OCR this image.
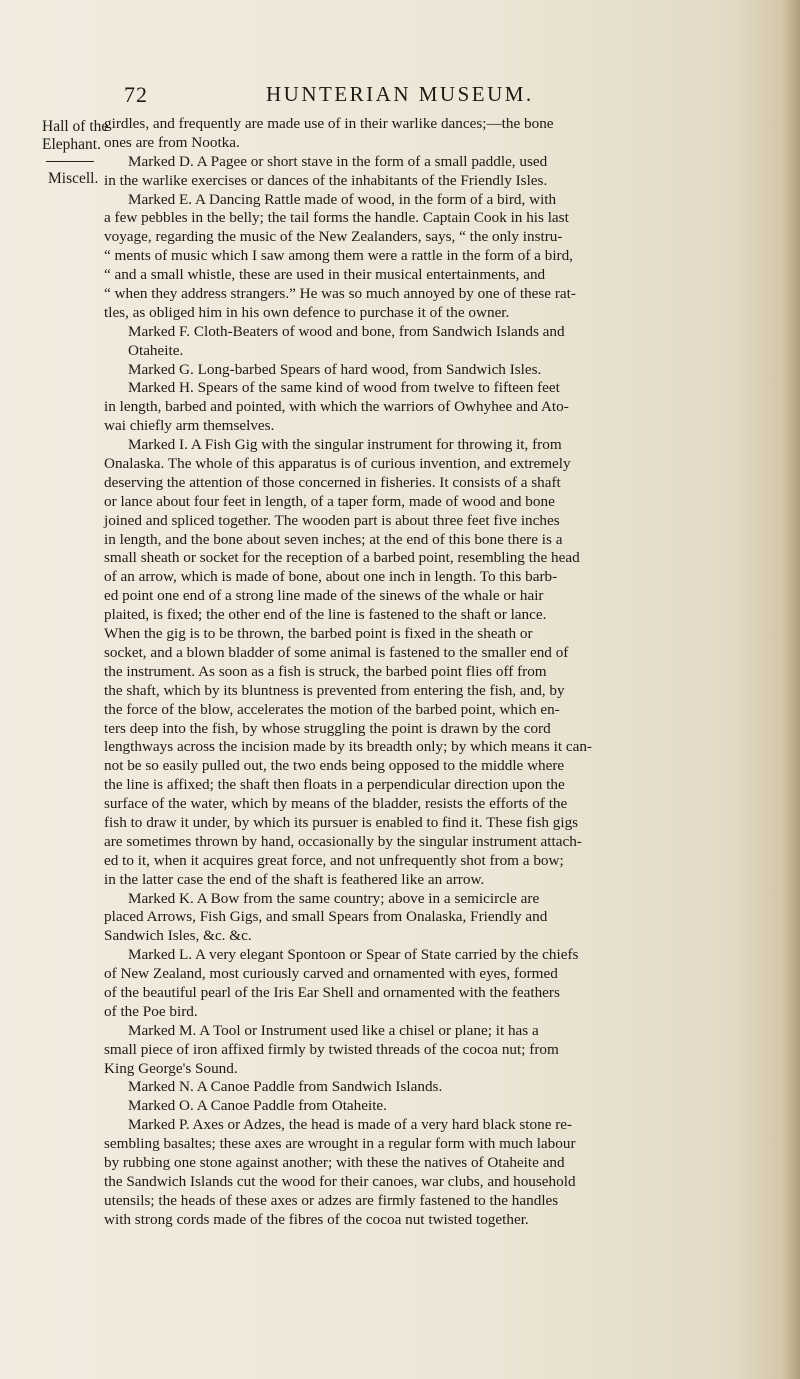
72	HUNTERIAN MUSEUM.
Hall of the
Elephant.
Miscell.
girdles, and frequently are made use of in their warlike dances;—the bone
ones are from Nootka.
Marked D. A Pagee or short stave in the form of a small paddle, used
in the warlike exercises or dances of the inhabitants of the Friendly Isles.
Marked E. A Dancing Rattle made of wood, in the form of a bird, with
a few pebbles in the belly; the tail forms the handle. Captain Cook in his last
voyage, regarding the music of the New Zealanders, says, “ the only instru-
“ ments of music which I saw among them were a rattle in the form of a bird,
“ and a small whistle, these are used in their musical entertainments, and
“ when they address strangers.” He was so much annoyed by one of these rat-
tles, as obliged him in his own defence to purchase it of the owner.
Marked F. Cloth-Beaters of wood and bone, from Sandwich Islands and
Otaheite.
Marked G. Long-barbed Spears of hard wood, from Sandwich Isles.
Marked H. Spears of the same kind of wood from twelve to fifteen feet
in length, barbed and pointed, with which the warriors of Owhyhee and Ato-
wai chiefly arm themselves.
Marked I. A Fish Gig with the singular instrument for throwing it, from
Onalaska. The whole of this apparatus is of curious invention, and extremely
deserving the attention of those concerned in fisheries. It consists of a shaft
or lance about four feet in length, of a taper form, made of wood and bone
joined and spliced together. The wooden part is about three feet five inches
in length, and the bone about seven inches; at the end of this bone there is a
small sheath or socket for the reception of a barbed point, resembling the head
of an arrow, which is made of bone, about one inch in length. To this barb-
ed point one end of a strong line made of the sinews of the whale or hair
plaited, is fixed; the other end of the line is fastened to the shaft or lance.
When the gig is to be thrown, the barbed point is fixed in the sheath or
socket, and a blown bladder of some animal is fastened to the smaller end of
the instrument. As soon as a fish is struck, the barbed point flies off from
the shaft, which by its bluntness is prevented from entering the fish, and, by
the force of the blow, accelerates the motion of the barbed point, which en-
ters deep into the fish, by whose struggling the point is drawn by the cord
lengthways across the incision made by its breadth only; by which means it can-
not be so easily pulled out, the two ends being opposed to the middle where
the line is affixed; the shaft then floats in a perpendicular direction upon the
surface of the water, which by means of the bladder, resists the efforts of the
fish to draw it under, by which its pursuer is enabled to find it. These fish gigs
are sometimes thrown by hand, occasionally by the singular instrument attach-
ed to it, when it acquires great force, and not unfrequently shot from a bow;
in the latter case the end of the shaft is feathered like an arrow.
Marked K. A Bow from the same country; above in a semicircle are
placed Arrows, Fish Gigs, and small Spears from Onalaska, Friendly and
Sandwich Isles, &c. &c.
Marked L. A very elegant Spontoon or Spear of State carried by the chiefs
of New Zealand, most curiously carved and ornamented with eyes, formed
of the beautiful pearl of the Iris Ear Shell and ornamented with the feathers
of the Poe bird.
Marked M. A Tool or Instrument used like a chisel or plane; it has a
small piece of iron affixed firmly by twisted threads of the cocoa nut; from
King George's Sound.
Marked N. A Canoe Paddle from Sandwich Islands.
Marked O. A Canoe Paddle from Otaheite.
Marked P. Axes or Adzes, the head is made of a very hard black stone re-
sembling basaltes; these axes are wrought in a regular form with much labour
by rubbing one stone against another; with these the natives of Otaheite and
the Sandwich Islands cut the wood for their canoes, war clubs, and household
utensils; the heads of these axes or adzes are firmly fastened to the handles
with strong cords made of the fibres of the cocoa nut twisted together.
